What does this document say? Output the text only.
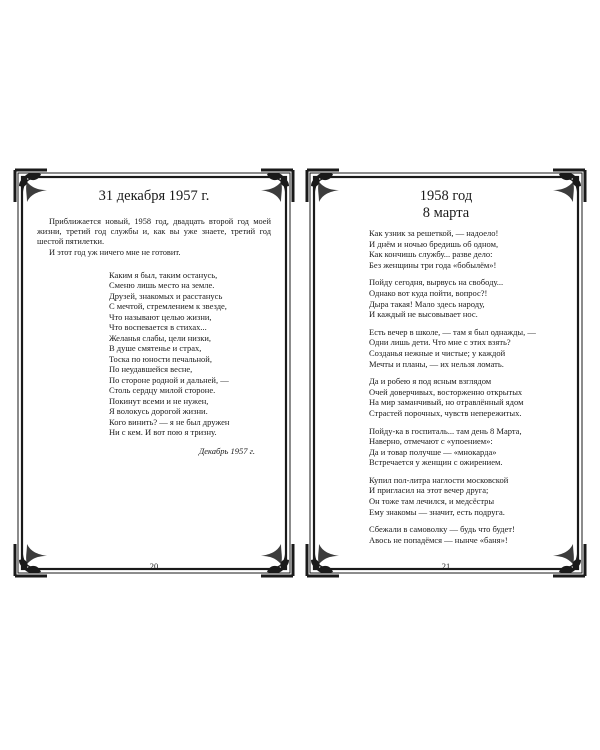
31 декабря 1957 г.

Приближается новый, 1958 год, двадцать второй год моей жизни, третий год службы и, как вы уже знаете, третий год шестой пятилетки.

И этот год уж ничего мне не готовит.

Каким я был, таким останусь,
Сменю лишь место на земле.
Друзей, знакомых и расстанусь
С мечтой, стремлением к звезде,
Что называют целью жизни,
Что воспевается в стихах...
Желанья слабы, цели низки,
В душе смятенье и страх,
Тоска по юности печальной,
По неудавшейся весне,
По стороне родной и дальней, —
Столь сердцу милой стороне.
Покинут всеми и не нужен,
Я волокусь дорогой жизни.
Кого винить? — я не был дружен
Ни с кем. И вот пою я тризну.
Декабрь 1957 г.
20
1958 год
8 марта
Как узник за решеткой, — надоело!
И днём и ночью бредишь об одном,
Как кончишь службу... разве дело:
Без женщины три года «бобылём»!
Пойду сегодня, вырвусь на свободу...
Однако вот куда пойти, вопрос?!
Дыра такая! Мало здесь народу,
И каждый не высовывает нос.
Есть вечер в школе, — там я был однажды, —
Одни лишь дети. Что мне с этих взять?
Созданья нежные и чистые; у каждой
Мечты и планы, — их нельзя ломать.
Да и робею я под ясным взглядом
Очей доверчивых, восторженно открытых
На мир заманчивый, но отравлённый ядом
Страстей порочных, чувств непережитых.
Пойду-ка в госпиталь... там день 8 Марта,
Наверно, отмечают с «упоением»:
Да и товар получше — «мнокарда»
Встречается у женщин с ожирением.
Купил пол-литра наглости московской
И пригласил на этот вечер друга;
Он тоже там лечился, и медсёстры
Ему знакомы — значит, есть подруга.
Сбежали в самоволку — будь что будет!
Авось не попадёмся — нынче «баня»!
21
